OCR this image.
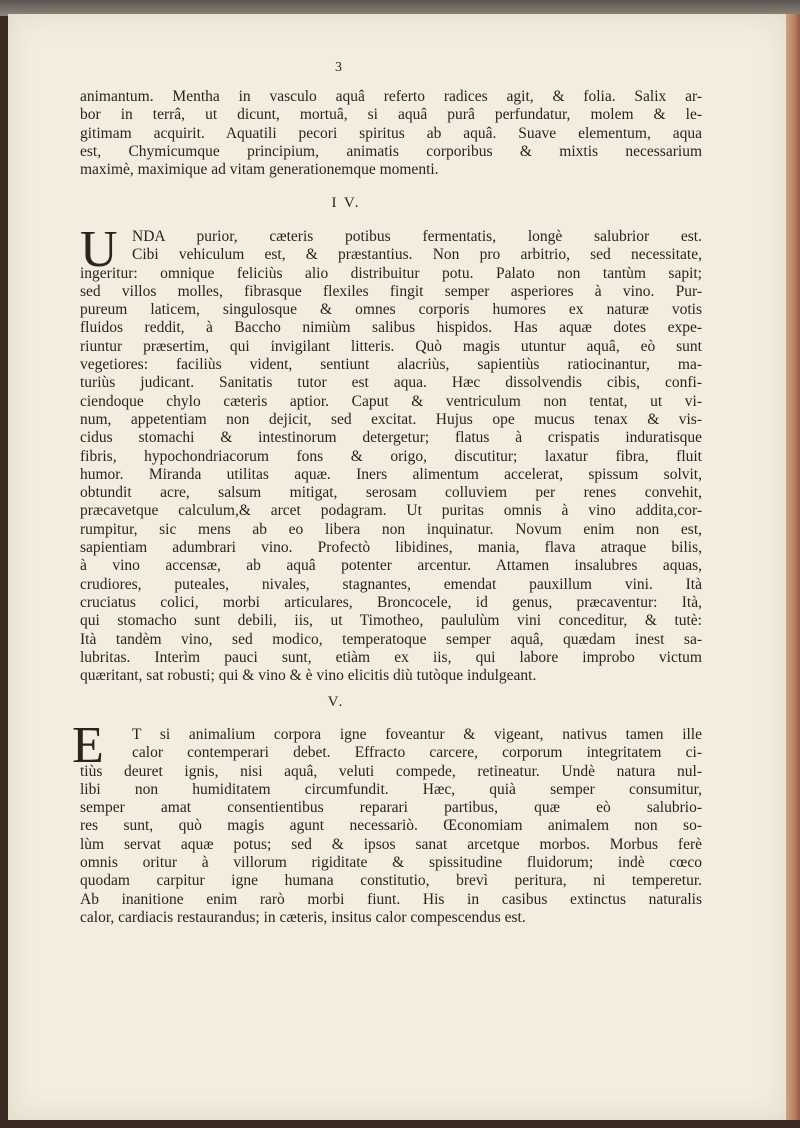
3
animantum. Mentha in vasculo aquâ referto radices agit, & folia. Salix ar-
bor in terrâ, ut dicunt, mortuâ, si aquâ purâ perfundatur, molem & le-
gitimam acquirit. Aquatili pecori spiritus ab aquâ. Suave elementum, aqua
est, Chymicumque principium, animatis corporibus & mixtis necessarium
maximè, maximique ad vitam generationemque momenti.
I V.
U NDA purior, cæteris potibus fermentatis, longè salubrior est.
Cibi vehiculum est, & præstantius. Non pro arbitrio, sed necessitate,
ingeritur: omnique feliciùs alio distribuitur potu. Palato non tantùm sapit;
sed villos molles, fibrasque flexiles fingit semper asperiores à vino. Pur-
pureum laticem, singulosque & omnes corporis humores ex naturæ votis
fluidos reddit, à Baccho nimiùm salibus hispidos. Has aquæ dotes expe-
riuntur præsertim, qui invigilant litteris. Quò magis utuntur aquâ, eò sunt
vegetiores: faciliùs vident, sentiunt alacriùs, sapientiùs ratiocinantur, ma-
turiùs judicant. Sanitatis tutor est aqua. Hæc dissolvendis cibis, confi-
ciendoque chylo cæteris aptior. Caput & ventriculum non tentat, ut vi-
num, appetentiam non dejicit, sed excitat. Hujus ope mucus tenax & vis-
cidus stomachi & intestinorum detergetur; flatus à crispatis induratisque
fibris, hypochondriacorum fons & origo, discutitur; laxatur fibra, fluit
humor. Miranda utilitas aquæ. Iners alimentum accelerat, spissum solvit,
obtundit acre, salsum mitigat, serosam colluviem per renes convehit,
præcavetque calculum,& arcet podagram. Ut puritas omnis à vino addita,cor-
rumpitur, sic mens ab eo libera non inquinatur. Novum enim non est,
sapientiam adumbrari vino. Profectò libidines, mania, flava atraque bilis,
à vino accensæ, ab aquâ potenter arcentur. Attamen insalubres aquas,
crudiores, puteales, nivales, stagnantes, emendat pauxillum vini. Ità
cruciatus colici, morbi articulares, Broncocele, id genus, præcaventur: Ità,
qui stomacho sunt debili, iis, ut Timotheo, paululùm vini conceditur, & tutè:
Ità tandèm vino, sed modico, temperatoque semper aquâ, quædam inest sa-
lubritas. Interìm pauci sunt, etiàm ex iis, qui labore improbo victum
quæritant, sat robusti; qui & vino & è vino elicitis diù tutòque indulgeant.
V.
E	T si animalium corpora igne foveantur & vigeant, nativus tamen ille
calor contemperari debet. Effracto carcere, corporum integritatem ci-
tiùs deuret ignis, nisi aquâ, veluti compede, retineatur. Undè natura nul-
libi non humiditatem circumfundit. Hæc, quià semper consumitur,
semper amat consentientibus reparari partibus, quæ eò salubrio-
res sunt, quò magis agunt necessariò. Œconomiam animalem non so-
lùm servat aquæ potus; sed & ipsos sanat arcetque morbos. Morbus ferè
omnis oritur à villorum rigiditate & spissitudine fluidorum; indè cœco
quodam carpitur igne humana constitutio, brevì peritura, ni temperetur.
Ab inanitione enim rarò morbi fiunt. His in casibus extinctus naturalis
calor, cardiacis restaurandus; in cæteris, insitus calor compescendus est.
